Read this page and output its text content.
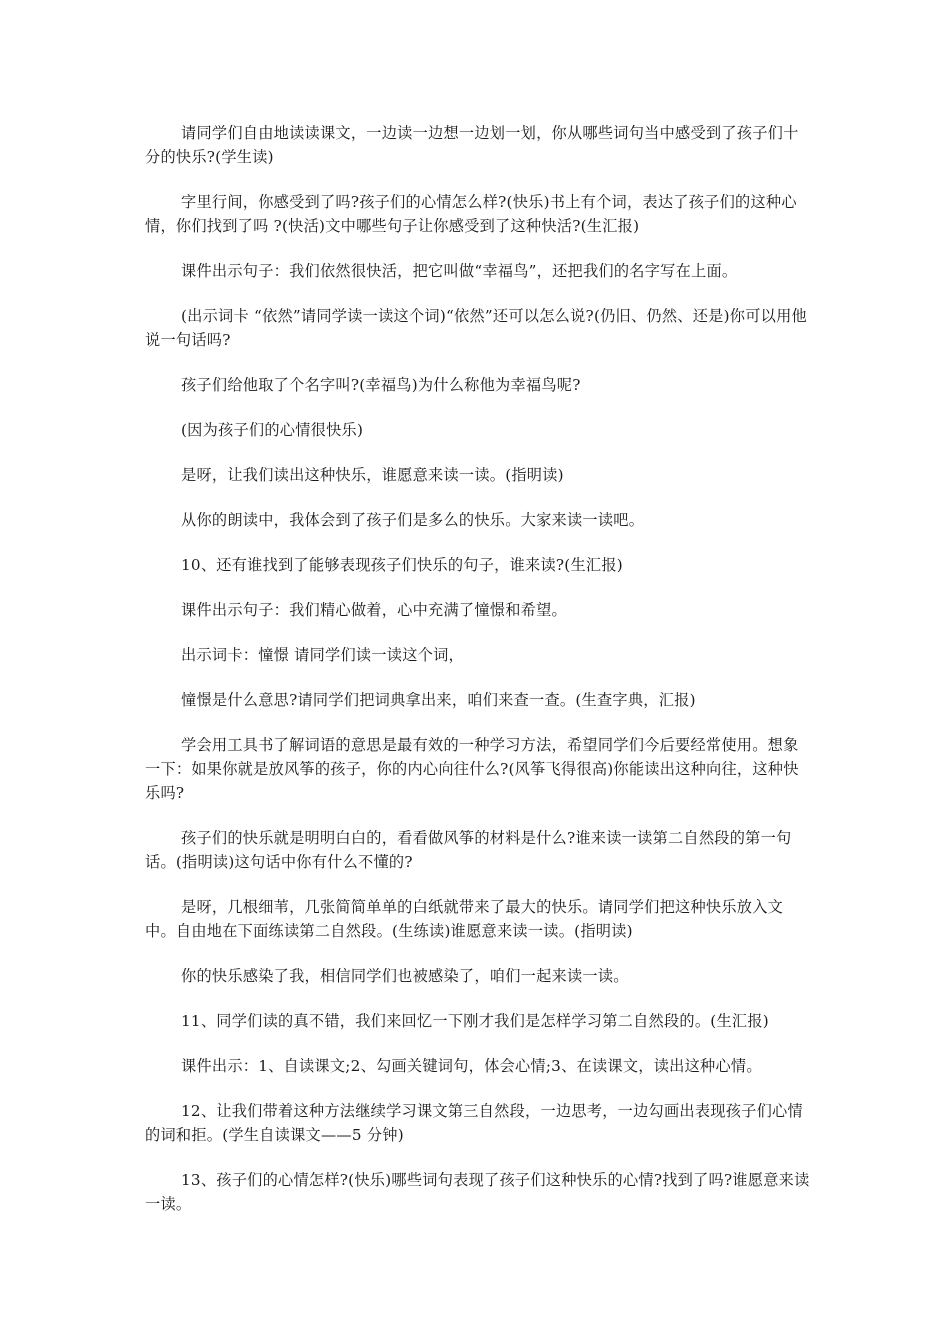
请同学们自由地读读课文，一边读一边想一边划一划，你从哪些词句当中感受到了孩子们十分的快乐?(学生读)

字里行间，你感受到了吗?孩子们的心情怎么样?(快乐)书上有个词，表达了孩子们的这种心情，你们找到了吗 ?(快活)文中哪些句子让你感受到了这种快活?(生汇报)

课件出示句子：我们依然很快活，把它叫做“幸福鸟”，还把我们的名字写在上面。

(出示词卡 “依然”请同学读一读这个词)“依然”还可以怎么说?(仍旧、仍然、还是)你可以用他说一句话吗?

孩子们给他取了个名字叫?(幸福鸟)为什么称他为幸福鸟呢?

(因为孩子们的心情很快乐)

是呀，让我们读出这种快乐，谁愿意来读一读。(指明读)

从你的朗读中，我体会到了孩子们是多么的快乐。大家来读一读吧。

10、还有谁找到了能够表现孩子们快乐的句子，谁来读?(生汇报)

课件出示句子：我们精心做着，心中充满了憧憬和希望。

出示词卡：憧憬 请同学们读一读这个词，

憧憬是什么意思?请同学们把词典拿出来，咱们来查一查。(生查字典，汇报)

学会用工具书了解词语的意思是最有效的一种学习方法，希望同学们今后要经常使用。想象一下：如果你就是放风筝的孩子，你的内心向往什么?(风筝飞得很高)你能读出这种向往，这种快乐吗?

孩子们的快乐就是明明白白的，看看做风筝的材料是什么?谁来读一读第二自然段的第一句话。(指明读)这句话中你有什么不懂的?

是呀，几根细苇，几张简简单单的白纸就带来了最大的快乐。请同学们把这种快乐放入文中。自由地在下面练读第二自然段。(生练读)谁愿意来读一读。(指明读)

你的快乐感染了我，相信同学们也被感染了，咱们一起来读一读。

11、同学们读的真不错，我们来回忆一下刚才我们是怎样学习第二自然段的。(生汇报)

课件出示：1、自读课文;2、勾画关键词句，体会心情;3、在读课文，读出这种心情。

12、让我们带着这种方法继续学习课文第三自然段，一边思考，一边勾画出表现孩子们心情的词和拒。(学生自读课文——5 分钟)

13、孩子们的心情怎样?(快乐)哪些词句表现了孩子们这种快乐的心情?找到了吗?谁愿意来读一读。
